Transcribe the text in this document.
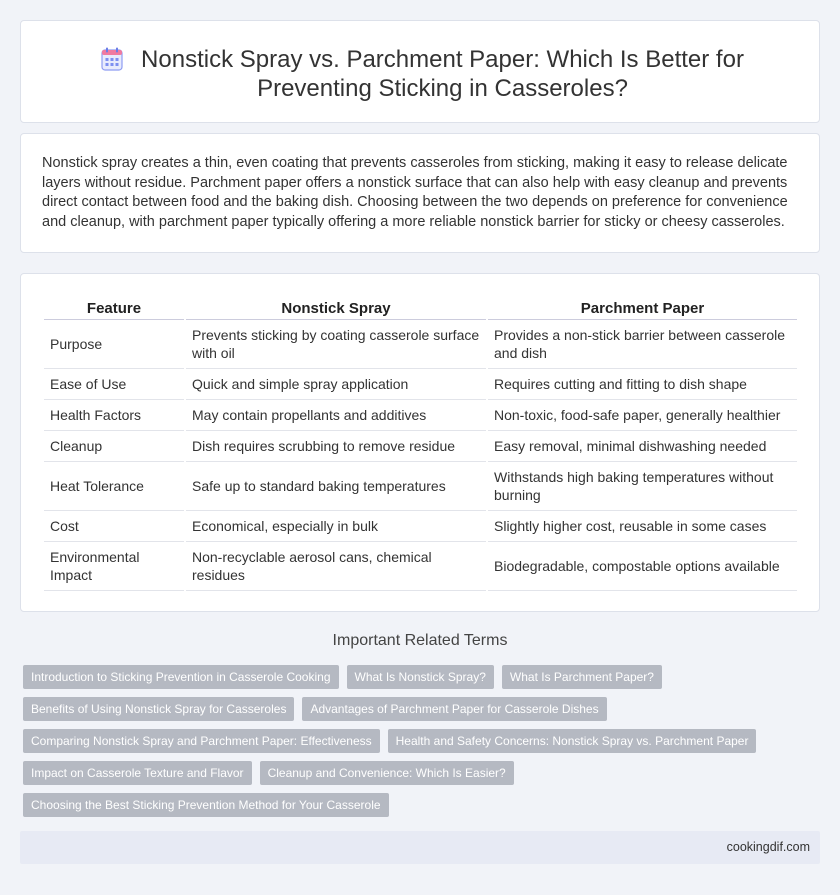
Nonstick Spray vs. Parchment Paper: Which Is Better for Preventing Sticking in Casseroles?

Nonstick spray creates a thin, even coating that prevents casseroles from sticking, making it easy to release delicate layers without residue. Parchment paper offers a nonstick surface that can also help with easy cleanup and prevents direct contact between food and the baking dish. Choosing between the two depends on preference for convenience and cleanup, with parchment paper typically offering a more reliable nonstick barrier for sticky or cheesy casseroles.

Feature	Nonstick Spray	Parchment Paper
Purpose	Prevents sticking by coating casserole surface with oil	Provides a non-stick barrier between casserole and dish
Ease of Use	Quick and simple spray application	Requires cutting and fitting to dish shape
Health Factors	May contain propellants and additives	Non-toxic, food-safe paper, generally healthier
Cleanup	Dish requires scrubbing to remove residue	Easy removal, minimal dishwashing needed
Heat Tolerance	Safe up to standard baking temperatures	Withstands high baking temperatures without burning
Cost	Economical, especially in bulk	Slightly higher cost, reusable in some cases
Environmental Impact	Non-recyclable aerosol cans, chemical residues	Biodegradable, compostable options available
Important Related Terms
Introduction to Sticking Prevention in Casserole Cooking	What Is Nonstick Spray?	What Is Parchment Paper?
Benefits of Using Nonstick Spray for Casseroles	Advantages of Parchment Paper for Casserole Dishes
Comparing Nonstick Spray and Parchment Paper: Effectiveness	Health and Safety Concerns: Nonstick Spray vs. Parchment Paper
Impact on Casserole Texture and Flavor	Cleanup and Convenience: Which Is Easier?
Choosing the Best Sticking Prevention Method for Your Casserole
cookingdif.com
